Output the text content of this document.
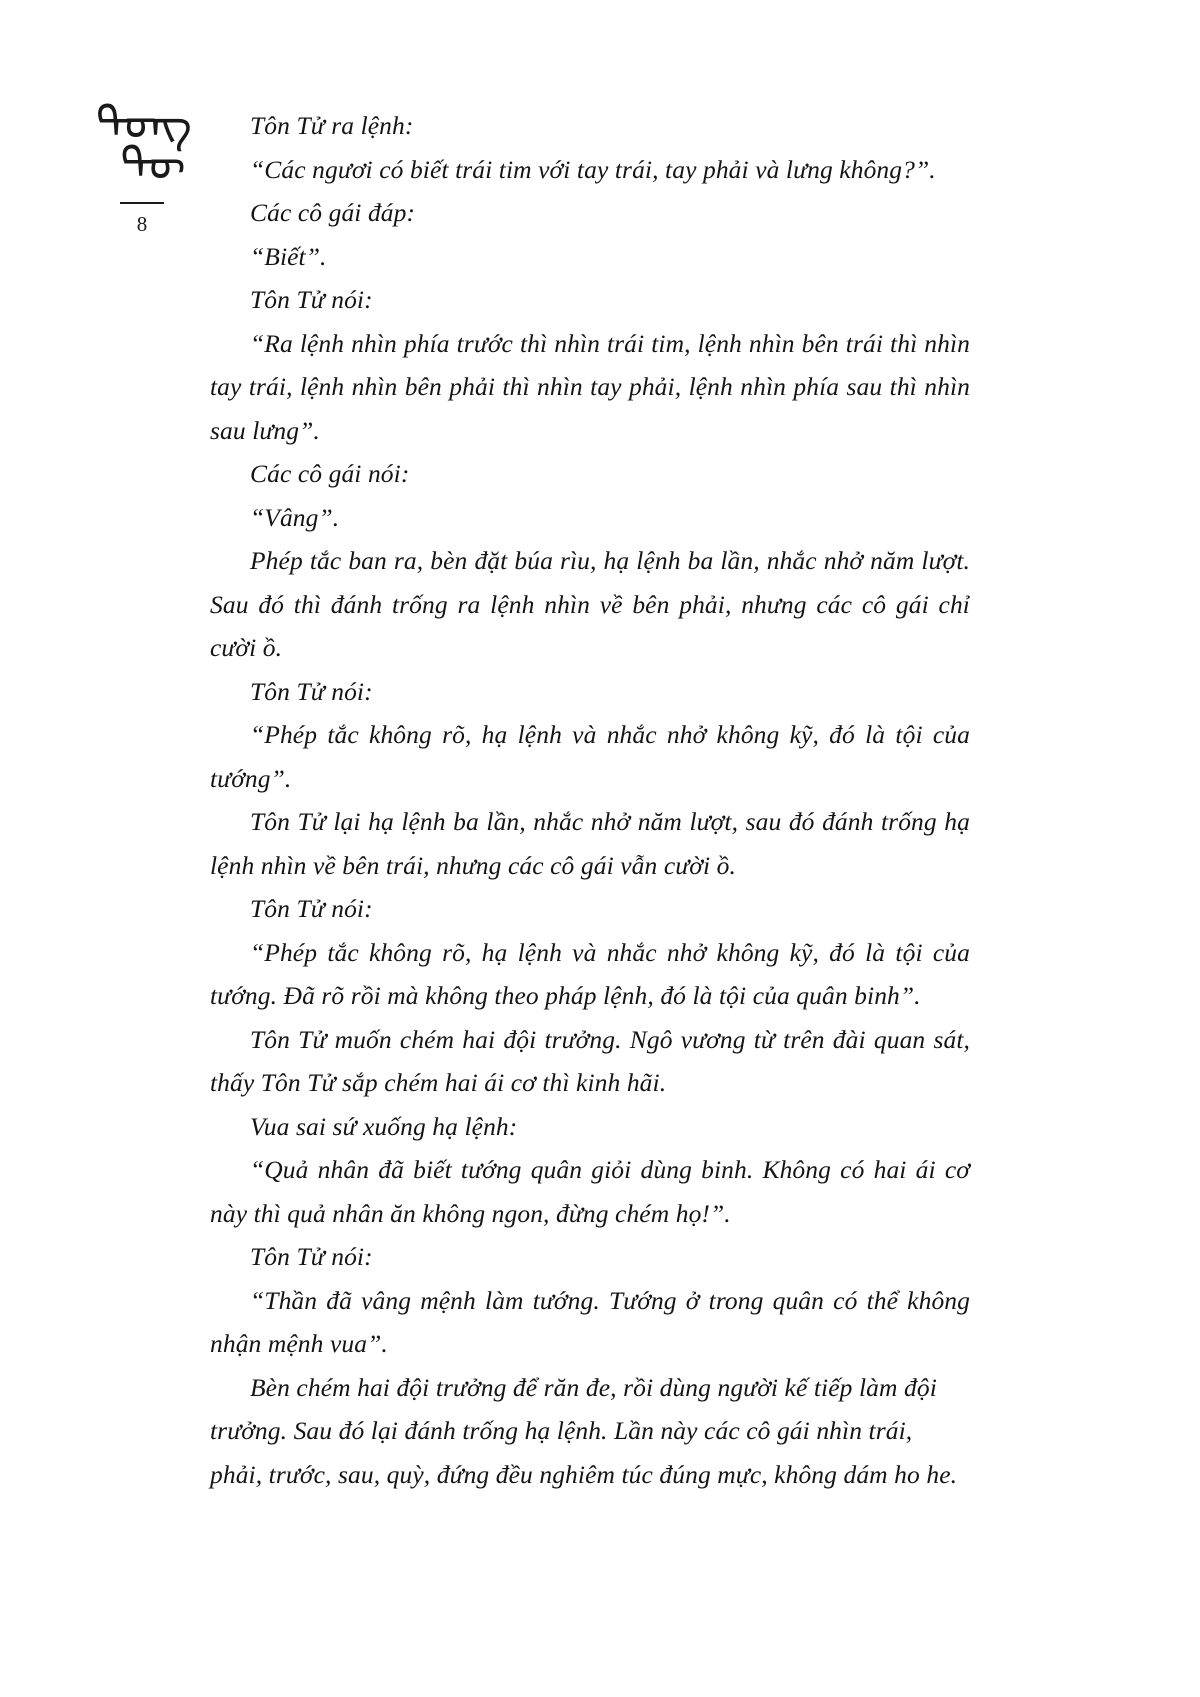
ᠲᠣᠩ
ᠲᠦ
8

Tôn Tử ra lệnh:

“Các ngươi có biết trái tim với tay trái, tay phải và lưng không?”.

Các cô gái đáp:

“Biết”.

Tôn Tử nói:

“Ra lệnh nhìn phía trước thì nhìn trái tim, lệnh nhìn bên trái thì nhìn tay trái, lệnh nhìn bên phải thì nhìn tay phải, lệnh nhìn phía sau thì nhìn sau lưng”.

Các cô gái nói:

“Vâng”.

Phép tắc ban ra, bèn đặt búa rìu, hạ lệnh ba lần, nhắc nhở năm lượt. Sau đó thì đánh trống ra lệnh nhìn về bên phải, nhưng các cô gái chỉ cười ồ.

Tôn Tử nói:

“Phép tắc không rõ, hạ lệnh và nhắc nhở không kỹ, đó là tội của tướng”.

Tôn Tử lại hạ lệnh ba lần, nhắc nhở năm lượt, sau đó đánh trống hạ lệnh nhìn về bên trái, nhưng các cô gái vẫn cười ồ.

Tôn Tử nói:

“Phép tắc không rõ, hạ lệnh và nhắc nhở không kỹ, đó là tội của tướng. Đã rõ rồi mà không theo pháp lệnh, đó là tội của quân binh”.

Tôn Tử muốn chém hai đội trưởng. Ngô vương từ trên đài quan sát, thấy Tôn Tử sắp chém hai ái cơ thì kinh hãi.

Vua sai sứ xuống hạ lệnh:

“Quả nhân đã biết tướng quân giỏi dùng binh. Không có hai ái cơ này thì quả nhân ăn không ngon, đừng chém họ!”.

Tôn Tử nói:

“Thần đã vâng mệnh làm tướng. Tướng ở trong quân có thể không nhận mệnh vua”.

Bèn chém hai đội trưởng để răn đe, rồi dùng người kế tiếp làm đội trưởng. Sau đó lại đánh trống hạ lệnh. Lần này các cô gái nhìn trái, phải, trước, sau, quỳ, đứng đều nghiêm túc đúng mực, không dám ho he.
